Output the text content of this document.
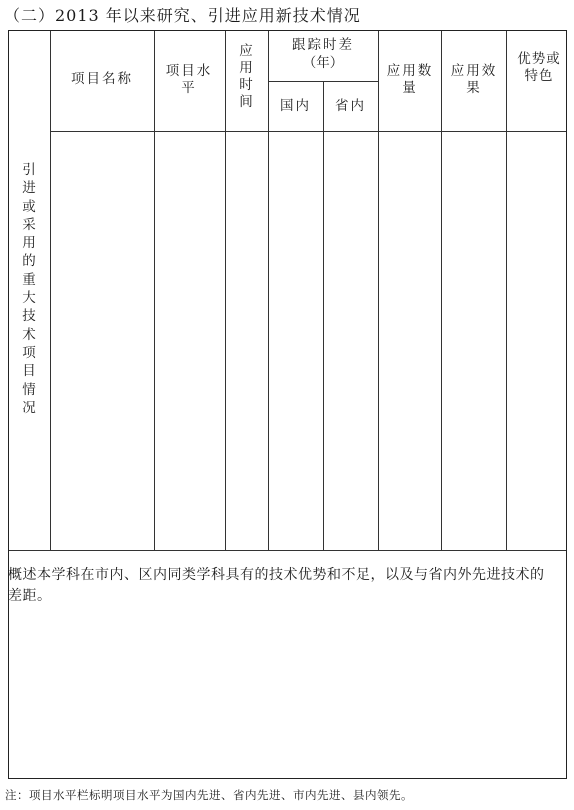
（二）2013 年以来研究、引进应用新技术情况
项目名称	项目水平
应用时间
跟踪时差
（年）
国内	省内
应用数量
应用效果
优势或特色
引进或采用的重大技术项目情况
概述本学科在市内、区内同类学科具有的技术优势和不足，以及与省内外先进技术的差距。
注：项目水平栏标明项目水平为国内先进、省内先进、市内先进、县内领先。
